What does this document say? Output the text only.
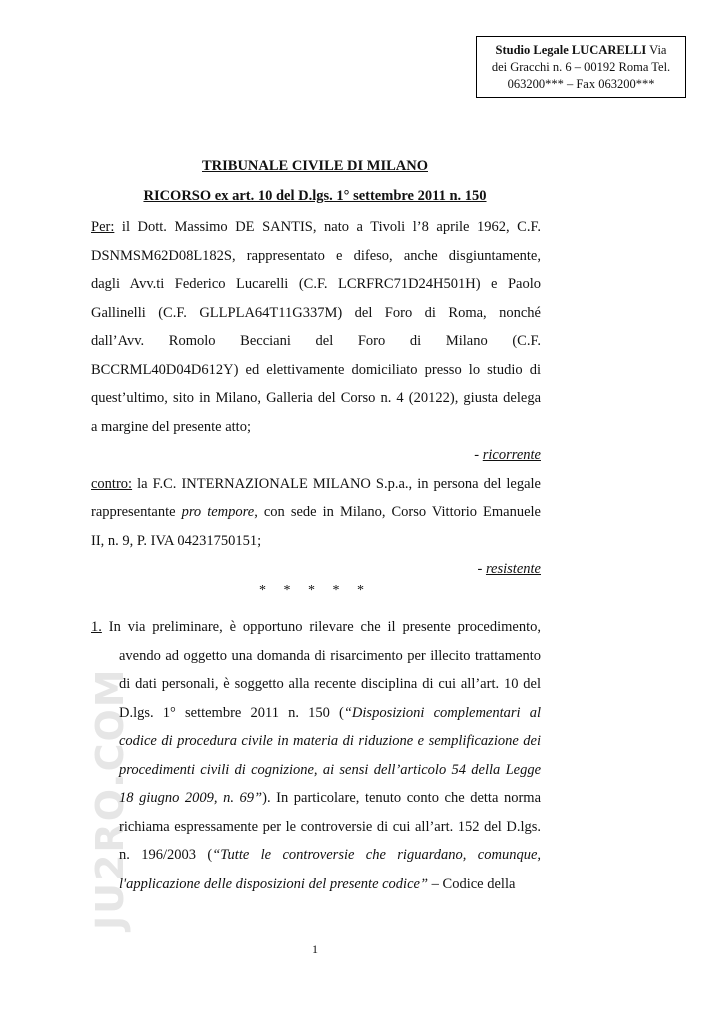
Studio Legale LUCARELLI Via
dei Gracchi n. 6 – 00192 Roma Tel.
063200*** – Fax 063200***
TRIBUNALE CIVILE DI MILANO
RICORSO ex art. 10 del D.lgs. 1° settembre 2011 n. 150
Per: il Dott. Massimo DE SANTIS, nato a Tivoli l’8 aprile 1962, C.F.
DSNMSM62D08L182S, rappresentato e difeso, anche disgiuntamente,
dagli Avv.ti Federico Lucarelli (C.F. LCRFRC71D24H501H) e Paolo
Gallinelli (C.F. GLLPLA64T11G337M) del Foro di Roma, nonché
dall’Avv. Romolo Becciani del Foro di Milano (C.F.
BCCRML40D04D612Y) ed elettivamente domiciliato presso lo studio di
quest’ultimo, sito in Milano, Galleria del Corso n. 4 (20122), giusta delega
a margine del presente atto;
- ricorrente
contro: la F.C. INTERNAZIONALE MILANO S.p.a., in persona del legale
rappresentante pro tempore, con sede in Milano, Corso Vittorio Emanuele
II, n. 9, P. IVA 04231750151;
- resistente
* * * * *
JU2RO.COM
1. In via preliminare, è opportuno rilevare che il presente procedimento,
avendo ad oggetto una domanda di risarcimento per illecito trattamento
di dati personali, è soggetto alla recente disciplina di cui all’art. 10 del
D.lgs. 1° settembre 2011 n. 150 (“Disposizioni complementari al
codice di procedura civile in materia di riduzione e semplificazione dei
procedimenti civili di cognizione, ai sensi dell’articolo 54 della Legge
18 giugno 2009, n. 69”). In particolare, tenuto conto che detta norma
richiama espressamente per le controversie di cui all’art. 152 del D.lgs.
n. 196/2003 (“Tutte le controversie che riguardano, comunque,
l'applicazione delle disposizioni del presente codice” – Codice della
1
